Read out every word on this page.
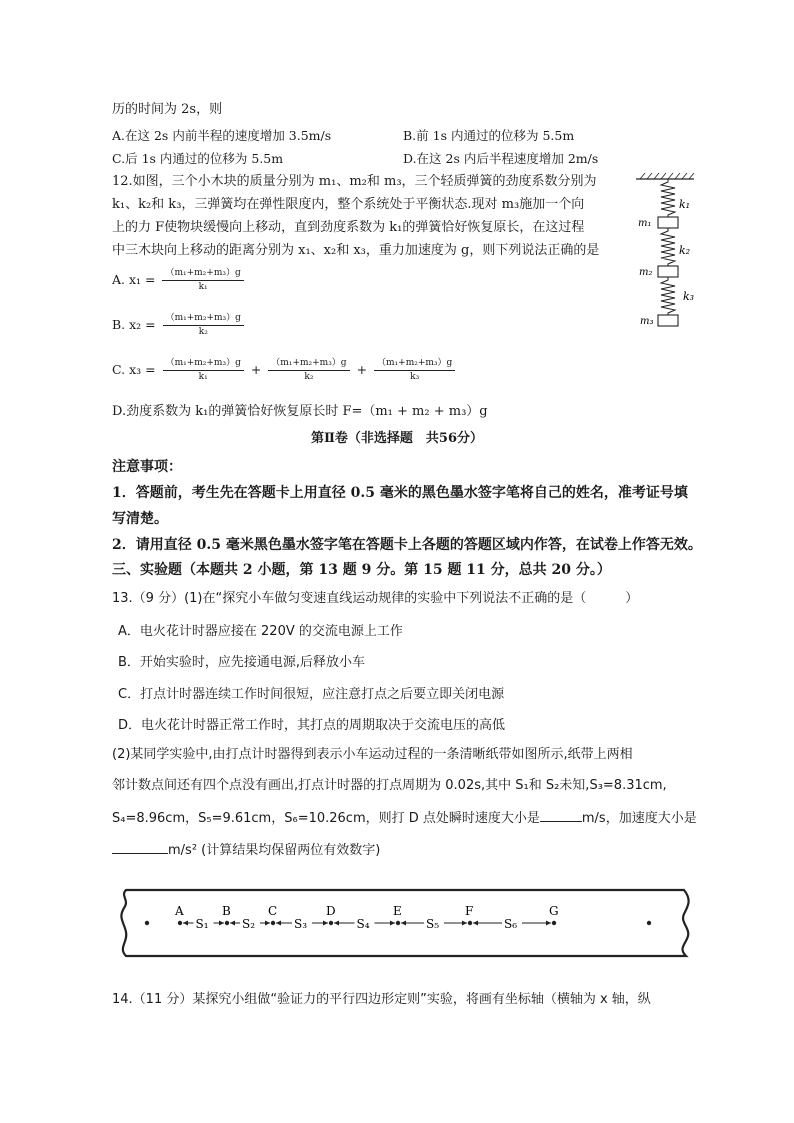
历的时间为 2s，则
A.在这 2s 内前半程的速度增加 3.5m/s	B.前 1s 内通过的位移为 5.5m
C.后 1s 内通过的位移为 5.5m	D.在这 2s 内后半程速度增加 2m/s
12.如图，三个小木块的质量分别为 m₁、m₂和 m₃，三个轻质弹簧的劲度系数分别为
k₁、k₂和 k₃，三弹簧均在弹性限度内，整个系统处于平衡状态.现对 m₃施加一个向
上的力 F使物块缓慢向上移动，直到劲度系数为 k₁的弹簧恰好恢复原长，在这过程
中三木块向上移动的距离分别为 x₁、x₂和 x₃，重力加速度为 g，则下列说法正确的是
A. $x_1 = \frac{\text{（m₁+m₂+m₃）g}}{\text{k₁}}$
B. $x_2 = \frac{\text{（m₁+m₂+m₃）g}}{\text{k₂}}$
C. $x_3 = \frac{\text{（m₁+m₂+m₃）g}}{\text{k₁}} + \frac{\text{（m₁+m₂+m₃）g}}{\text{k₂}} + \frac{\text{（m₁+m₂+m₃）g}}{\text{k₃}}$
D.劲度系数为 k₁的弹簧恰好恢复原长时 F=（m₁ + m₂ + m₃）g
k₁
k₂
k₃
m₁
m₂
m₃
第Ⅱ卷（非选择题　共56分）
注意事项：
1．答题前，考生先在答题卡上用直径 0.5 毫米的黑色墨水签字笔将自己的姓名，准考证号填
写清楚。
2．请用直径 0.5 毫米黑色墨水签字笔在答题卡上各题的答题区域内作答，在试卷上作答无效。
三、实验题（本题共 2 小题，第 13 题 9 分。第 15 题 11 分，总共 20 分。）
13.（9 分）(1)在“探究小车做匀变速直线运动规律的实验中下列说法不正确的是（　　　）
A．电火花计时器应接在 220V 的交流电源上工作
B．开始实验时，应先接通电源,后释放小车
C．打点计时器连续工作时间很短，应注意打点之后要立即关闭电源
D．电火花计时器正常工作时，其打点的周期取决于交流电压的高低
(2)某同学实验中,由打点计时器得到表示小车运动过程的一条清晰纸带如图所示,纸带上两相
邻计数点间还有四个点没有画出,打点计时器的打点周期为 0.02s,其中 S₁和 S₂未知,S₃=8.31cm,
S₄=8.96cm，S₅=9.61cm，S₆=10.26cm，则打 D 点处瞬时速度大小是	m/s，加速度大小是
m/s² (计算结果均保留两位有效数字)
A	B	C	D	E	F	G
S₁	S₂	S₃	S₄	S₅	S₆
14.（11 分）某探究小组做“验证力的平行四边形定则”实验，将画有坐标轴（横轴为 x 轴，纵
